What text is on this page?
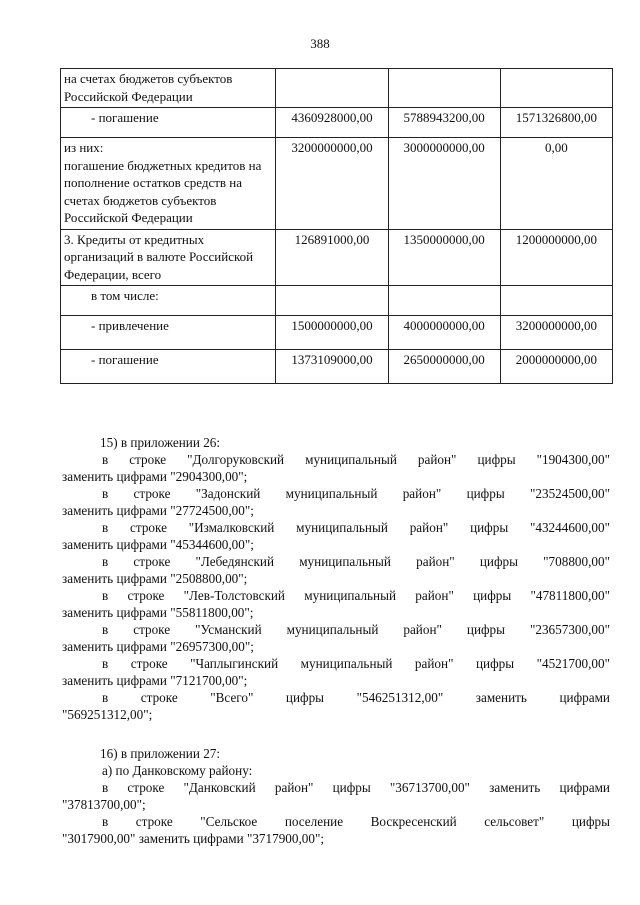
388
на счетах бюджетов субъектов Российской Федерации			
- погашение	4360928000,00	5788943200,00	1571326800,00
из них:
погашение бюджетных кредитов на пополнение остатков средств на счетах бюджетов субъектов Российской Федерации	3200000000,00	3000000000,00	0,00
3. Кредиты от кредитных организаций в валюте Российской Федерации, всего	126891000,00	1350000000,00	1200000000,00
в том числе:			
- привлечение	1500000000,00	4000000000,00	3200000000,00
- погашение	1373109000,00	2650000000,00	2000000000,00

15) в приложении 26:

в строке "Долгоруковский муниципальный район" цифры "1904300,00"
заменить цифрами "2904300,00";
в строке "Задонский муниципальный район" цифры "23524500,00"
заменить цифрами "27724500,00";
в строке "Измалковский муниципальный район" цифры "43244600,00"
заменить цифрами "45344600,00";
в строке "Лебедянский муниципальный район" цифры "708800,00"
заменить цифрами "2508800,00";
в строке "Лев-Толстовский муниципальный район" цифры "47811800,00"
заменить цифрами "55811800,00";
в строке "Усманский муниципальный район" цифры "23657300,00"
заменить цифрами "26957300,00";
в строке "Чаплыгинский муниципальный район" цифры "4521700,00"
заменить цифрами "7121700,00";
в строке "Всего" цифры "546251312,00" заменить цифрами
"569251312,00";

16) в приложении 27:

а) по Данковскому району:

в строке "Данковский район" цифры "36713700,00" заменить цифрами
"37813700,00";
в строке "Сельское поселение Воскресенский сельсовет" цифры
"3017900,00" заменить цифрами "3717900,00";
